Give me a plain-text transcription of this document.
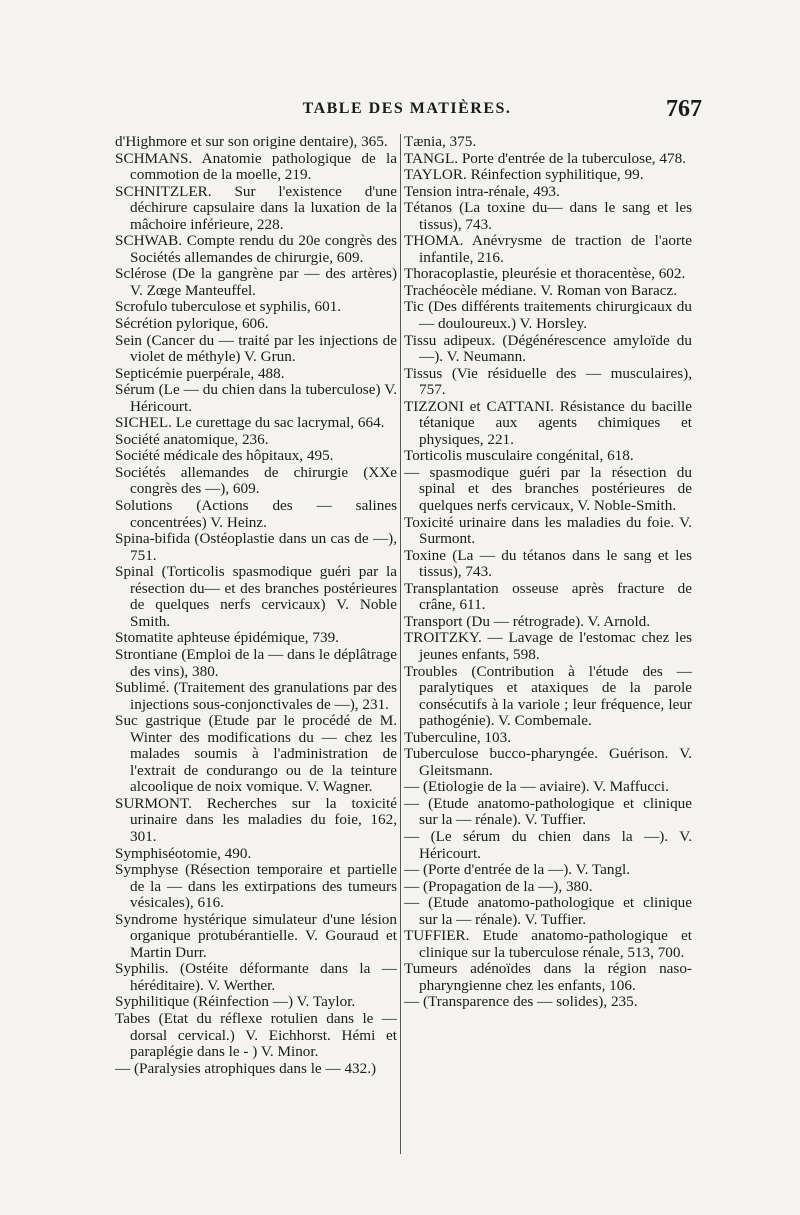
TABLE DES MATIÈRES.	767
d'Highmore et sur son origine dentaire), 365.
SCHMANS. Anatomie pathologique de la commotion de la moelle, 219.
SCHNITZLER. Sur l'existence d'une déchirure capsulaire dans la luxation de la mâchoire inférieure, 228.
SCHWAB. Compte rendu du 20e congrès des Sociétés allemandes de chirurgie, 609.
Sclérose (De la gangrène par — des artères) V. Zœge Manteuffel.
Scrofulo tuberculose et syphilis, 601.
Sécrétion pylorique, 606.
Sein (Cancer du — traité par les injections de violet de méthyle) V. Grun.
Septicémie puerpérale, 488.
Sérum (Le — du chien dans la tuberculose) V. Héricourt.
SICHEL. Le curettage du sac lacrymal, 664.
Société anatomique, 236.
Société médicale des hôpitaux, 495.
Sociétés allemandes de chirurgie (XXe congrès des —), 609.
Solutions (Actions des — salines concentrées) V. Heinz.
Spina-bifida (Ostéoplastie dans un cas de —), 751.
Spinal (Torticolis spasmodique guéri par la résection du— et des branches postérieures de quelques nerfs cervicaux) V. Noble Smith.
Stomatite aphteuse épidémique, 739.
Strontiane (Emploi de la — dans le déplâtrage des vins), 380.
Sublimé. (Traitement des granulations par des injections sous-conjonctivales de —), 231.
Suc gastrique (Etude par le procédé de M. Winter des modifications du — chez les malades soumis à l'administration de l'extrait de condurango ou de la teinture alcoolique de noix vomique. V. Wagner.
SURMONT. Recherches sur la toxicité urinaire dans les maladies du foie, 162, 301.
Symphiséotomie, 490.
Symphyse (Résection temporaire et partielle de la — dans les extirpations des tumeurs vésicales), 616.
Syndrome hystérique simulateur d'une lésion organique protubérantielle. V. Gouraud et Martin Durr.
Syphilis. (Ostéite déformante dans la — héréditaire). V. Werther.
Syphilitique (Réinfection —) V. Taylor.
Tabes (Etat du réflexe rotulien dans le — dorsal cervical.) V. Eichhorst. Hémi et paraplégie dans le - ) V. Minor.
— (Paralysies atrophiques dans le — 432.)
Tænia, 375.
TANGL. Porte d'entrée de la tuberculose, 478.
TAYLOR. Réinfection syphilitique, 99.
Tension intra-rénale, 493.
Tétanos (La toxine du— dans le sang et les tissus), 743.
THOMA. Anévrysme de traction de l'aorte infantile, 216.
Thoracoplastie, pleurésie et thoracentèse, 602.
Trachéocèle médiane. V. Roman von Baracz.
Tic (Des différents traitements chirurgicaux du — douloureux.) V. Horsley.
Tissu adipeux. (Dégénérescence amyloïde du —). V. Neumann.
Tissus (Vie résiduelle des — musculaires), 757.
TIZZONI et CATTANI. Résistance du bacille tétanique aux agents chimiques et physiques, 221.
Torticolis musculaire congénital, 618.
— spasmodique guéri par la résection du spinal et des branches postérieures de quelques nerfs cervicaux, V. Noble-Smith.
Toxicité urinaire dans les maladies du foie. V. Surmont.
Toxine (La — du tétanos dans le sang et les tissus), 743.
Transplantation osseuse après fracture de crâne, 611.
Transport (Du — rétrograde). V. Arnold.
TROITZKY. — Lavage de l'estomac chez les jeunes enfants, 598.
Troubles (Contribution à l'étude des — paralytiques et ataxiques de la parole consécutifs à la variole ; leur fréquence, leur pathogénie). V. Combemale.
Tuberculine, 103.
Tuberculose bucco-pharyngée. Guérison. V. Gleitsmann.
— (Etiologie de la — aviaire). V. Maffucci.
— (Etude anatomo-pathologique et clinique sur la — rénale). V. Tuffier.
— (Le sérum du chien dans la —). V. Héricourt.
— (Porte d'entrée de la —). V. Tangl.
— (Propagation de la —), 380.
— (Etude anatomo-pathologique et clinique sur la — rénale). V. Tuffier.
TUFFIER. Etude anatomo-pathologique et clinique sur la tuberculose rénale, 513, 700.
Tumeurs adénoïdes dans la région naso-pharyngienne chez les enfants, 106.
— (Transparence des — solides), 235.
